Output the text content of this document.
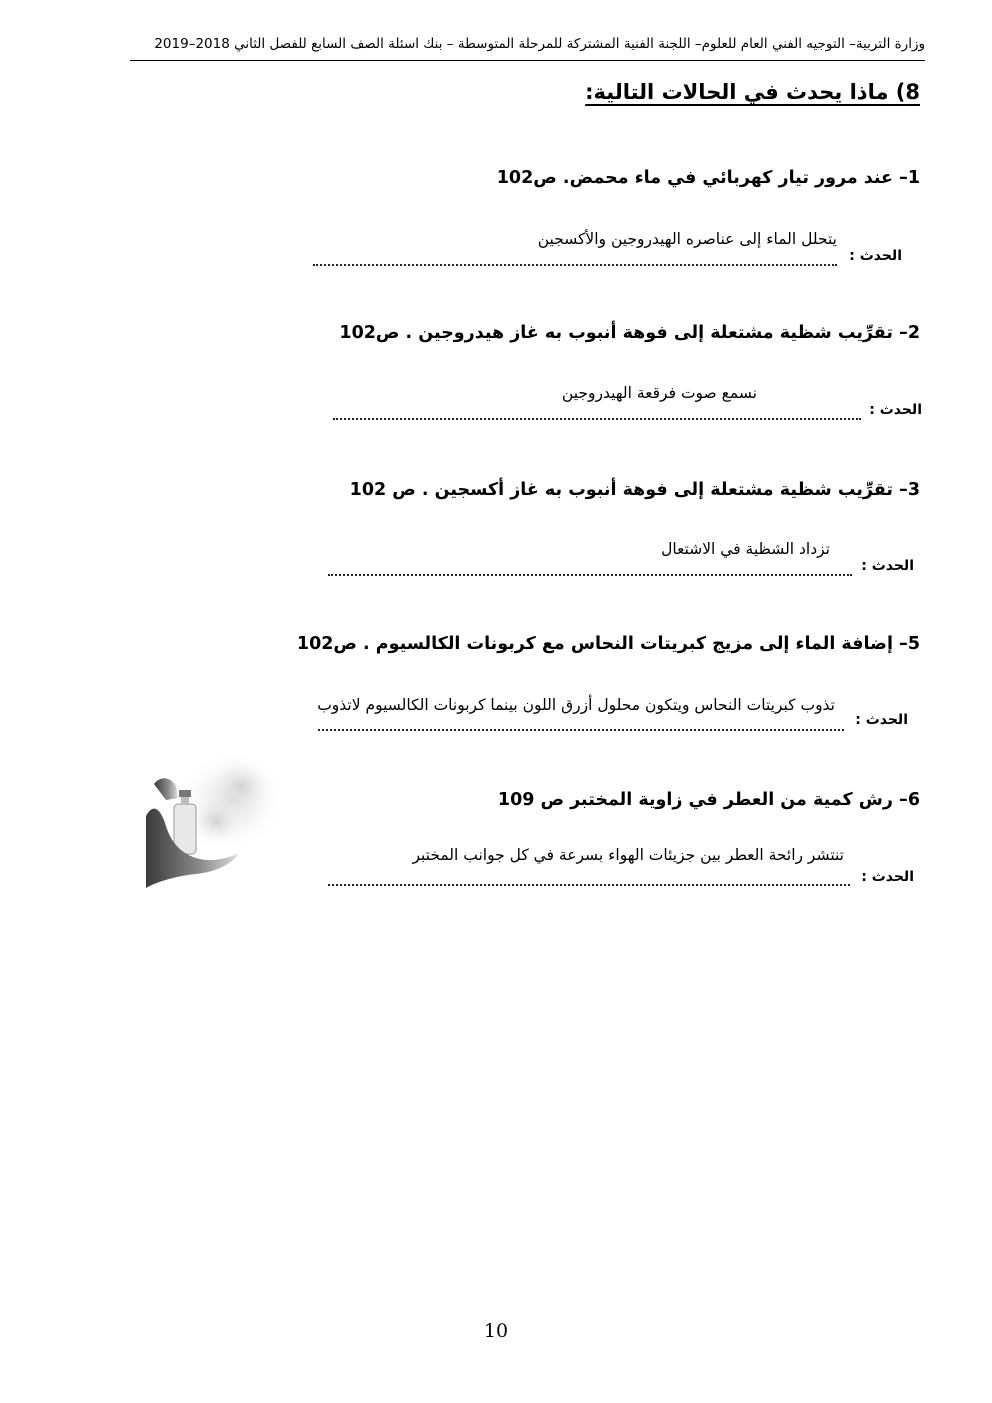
وزارة التربية– التوجيه الفني العام للعلوم– اللجنة الفنية المشتركة للمرحلة المتوسطة – بنك اسئلة الصف السابع للفصل الثاني 2018–2019
8) ماذا يحدث في الحالات التالية:
1– عند مرور تيار كهربائي في ماء محمض. ص102
يتحلل الماء إلى عناصره الهيدروجين والأكسجين
الحدث :
2– تقرِّيب شظية مشتعلة إلى فوهة أنبوب به غاز هيدروجين . ص102
نسمع صوت فرقعة الهيدروجين
الحدث :
3– تقرِّيب شظية مشتعلة إلى فوهة أنبوب به غاز أكسجين . ص 102
تزداد الشظية في الاشتعال
الحدث :
5– إضافة الماء إلى مزيج كبريتات النحاس مع كربونات الكالسيوم . ص102
تذوب كبريتات النحاس ويتكون محلول أزرق اللون بينما كربونات الكالسيوم لاتذوب
الحدث :
6– رش كمية من العطر في زاوية المختبر ص 109
تنتشر رائحة العطر بين جزيئات الهواء بسرعة في كل جوانب المختبر
الحدث :
10
